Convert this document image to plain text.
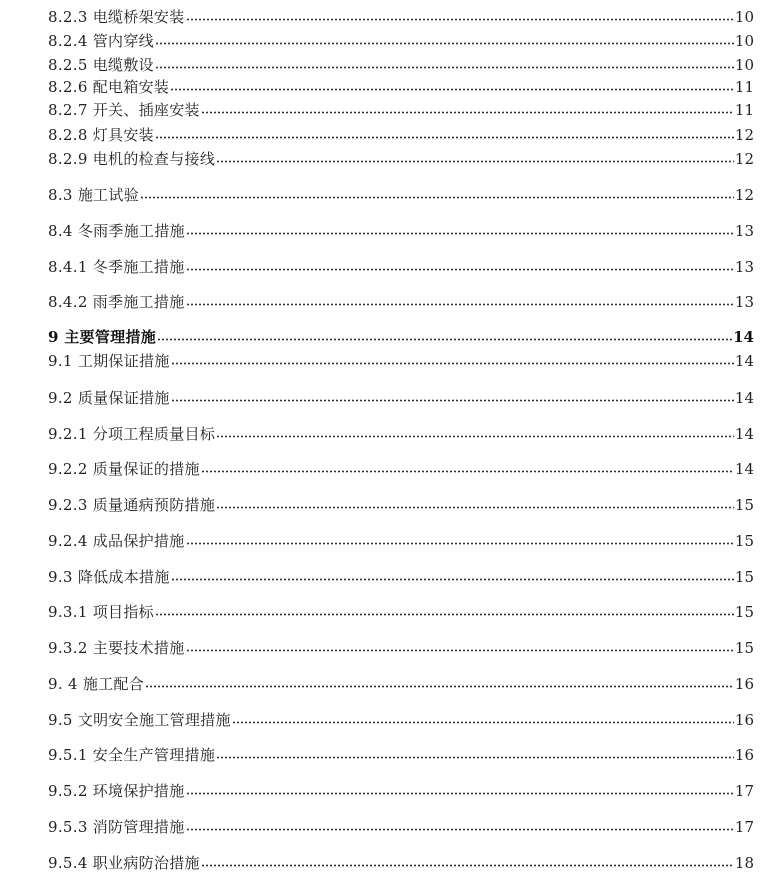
8.2.3 电缆桥架安装	10
8.2.4 管内穿线	10
8.2.5 电缆敷设	10
8.2.6 配电箱安装	11
8.2.7 开关、插座安装	11
8.2.8 灯具安装	12
8.2.9 电机的检查与接线	12
8.3 施工试验	12
8.4 冬雨季施工措施	13
8.4.1 冬季施工措施	13
8.4.2 雨季施工措施	13
9 主要管理措施	14
9.1 工期保证措施	14
9.2 质量保证措施	14
9.2.1 分项工程质量目标	14
9.2.2 质量保证的措施	14
9.2.3 质量通病预防措施	15
9.2.4 成品保护措施	15
9.3 降低成本措施	15
9.3.1 项目指标	15
9.3.2 主要技术措施	15
9. 4 施工配合	16
9.5 文明安全施工管理措施	16
9.5.1 安全生产管理措施	16
9.5.2 环境保护措施	17
9.5.3 消防管理措施	17
9.5.4 职业病防治措施	18
